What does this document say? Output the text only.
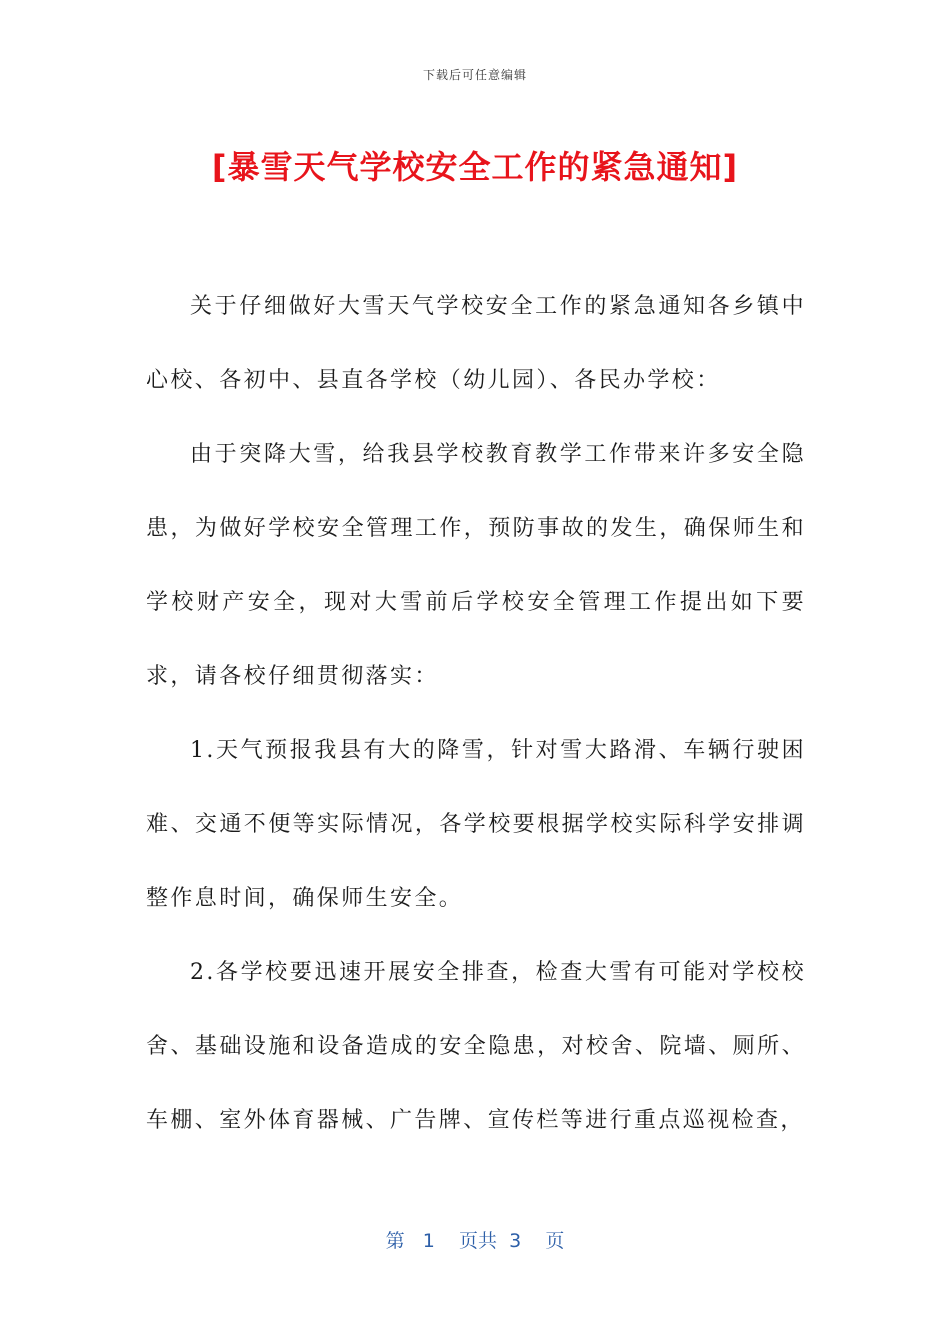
下载后可任意编辑
[暴雪天气学校安全工作的紧急通知]

关于仔细做好大雪天气学校安全工作的紧急通知各乡镇中心校、各初中、县直各学校（幼儿园）、各民办学校：

由于突降大雪，给我县学校教育教学工作带来许多安全隐患，为做好学校安全管理工作，预防事故的发生，确保师生和学校财产安全，现对大雪前后学校安全管理工作提出如下要求，请各校仔细贯彻落实：

1.天气预报我县有大的降雪，针对雪大路滑、车辆行驶困难、交通不便等实际情况，各学校要根据学校实际科学安排调整作息时间，确保师生安全。

2.各学校要迅速开展安全排查，检查大雪有可能对学校校舍、基础设施和设备造成的安全隐患，对校舍、院墙、厕所、车棚、室外体育器械、广告牌、宣传栏等进行重点巡视检查，

第 1 页共 3 页
